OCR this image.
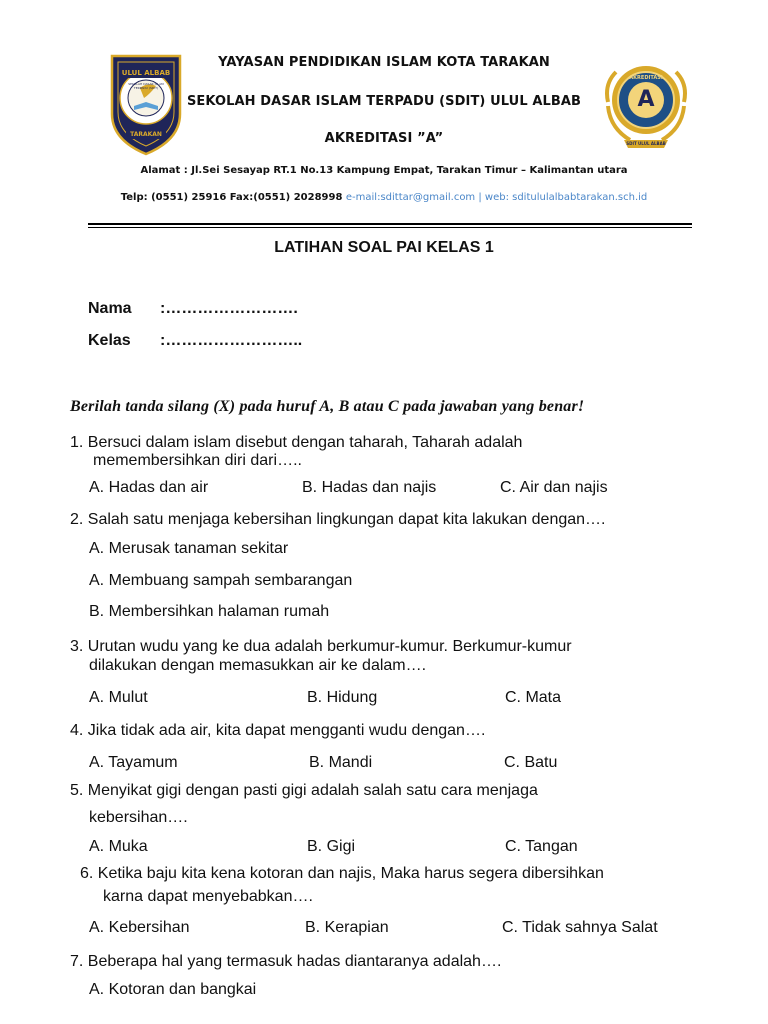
ULUL ALBAB
TARAKAN
SEKOLAH DASAR ISLAM TERPADU (SDIT)	A
AKREDITASI
SDIT ULUL ALBAB
YAYASAN PENDIDIKAN ISLAM KOTA TARAKAN
SEKOLAH DASAR ISLAM TERPADU (SDIT) ULUL ALBAB
AKREDITASI ”A”
Alamat : Jl.Sei Sesayap RT.1 No.13 Kampung Empat, Tarakan Timur – Kalimantan utara
Telp: (0551) 25916 Fax:(0551) 2028998 e-mail:sdittar@gmail.com | web: sditululalbabtarakan.sch.id
LATIHAN SOAL PAI KELAS 1
Nama :…………………….
Kelas :……………………..
Berilah tanda silang (X) pada huruf A, B atau C pada jawaban yang benar!
1. Bersuci dalam islam disebut dengan taharah, Taharah adalah
memembersihkan diri dari…..
A. Hadas dan air	B. Hadas dan najis	C. Air dan najis
2. Salah satu menjaga kebersihan lingkungan dapat kita lakukan dengan….
A. Merusak tanaman sekitar
A. Membuang sampah sembarangan
B. Membersihkan halaman rumah
3. Urutan wudu yang ke dua adalah berkumur-kumur. Berkumur-kumur
dilakukan dengan memasukkan air ke dalam….
A. Mulut	B. Hidung	C. Mata
4. Jika tidak ada air, kita dapat mengganti wudu dengan….
A. Tayamum	B. Mandi	C. Batu
5. Menyikat gigi dengan pasti gigi adalah salah satu cara menjaga
kebersihan….
A. Muka	B. Gigi	C. Tangan
6. Ketika baju kita kena kotoran dan najis, Maka harus segera dibersihkan
karna dapat menyebabkan….
A. Kebersihan	B. Kerapian	C. Tidak sahnya Salat
7. Beberapa hal yang termasuk hadas diantaranya adalah….
A. Kotoran dan bangkai
